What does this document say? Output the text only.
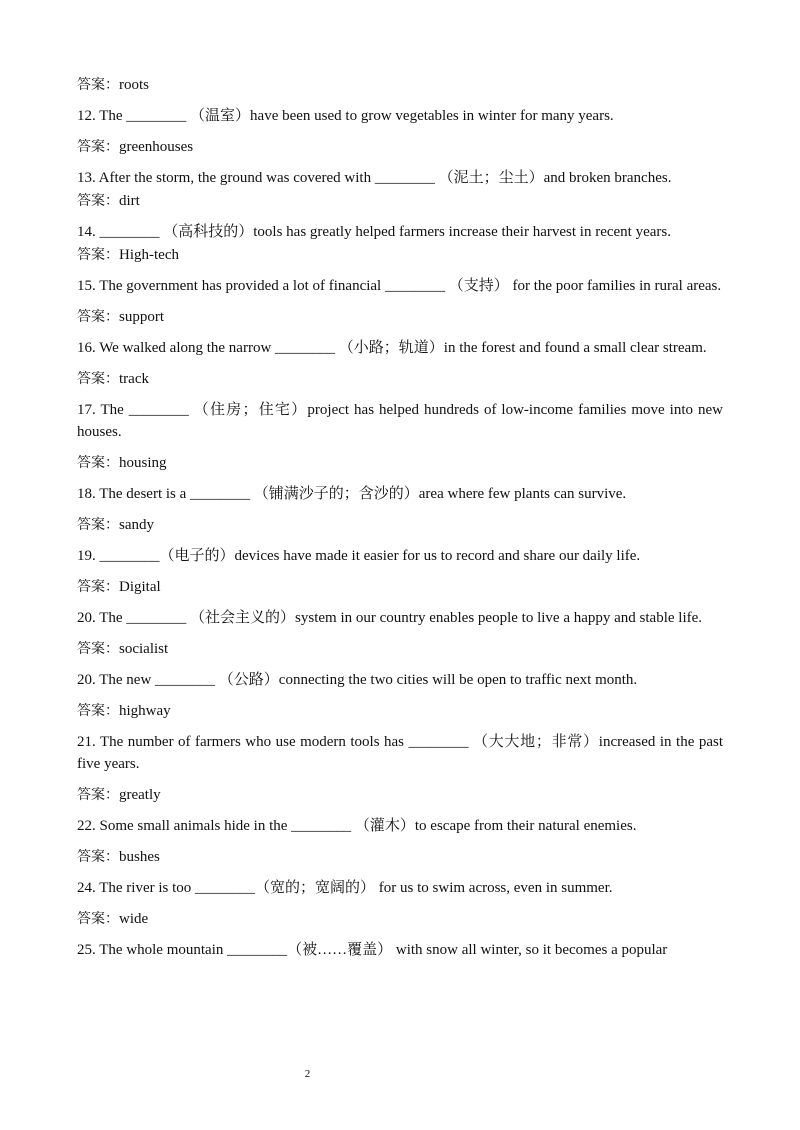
答案：roots

12. The ________ （温室）have been used to grow vegetables in winter for many years.

答案：greenhouses

13. After the storm, the ground was covered with ________ （泥土；尘土）and broken branches.

答案：dirt

14. ________ （高科技的）tools has greatly helped farmers increase their harvest in recent years.

答案：High-tech

15. The government has provided a lot of financial ________ （支持） for the poor families in rural areas.

答案：support

16. We walked along the narrow ________ （小路；轨道）in the forest and found a small clear stream.

答案：track

17. The ________ （住房；住宅）project has helped hundreds of low-income families move into new houses.

答案：housing

18. The desert is a ________ （铺满沙子的；含沙的）area where few plants can survive.

答案：sandy

19. ________（电子的）devices have made it easier for us to record and share our daily life.

答案：Digital

20. The ________ （社会主义的）system in our country enables people to live a happy and stable life.

答案：socialist

20. The new ________ （公路）connecting the two cities will be open to traffic next month.

答案：highway

21. The number of farmers who use modern tools has ________ （大大地；非常）increased in the past five years.

答案：greatly

22. Some small animals hide in the ________ （灌木）to escape from their natural enemies.

答案：bushes

24. The river is too ________（宽的；宽阔的） for us to swim across, even in summer.

答案：wide

25. The whole mountain ________（被……覆盖） with snow all winter, so it becomes a popular

2
